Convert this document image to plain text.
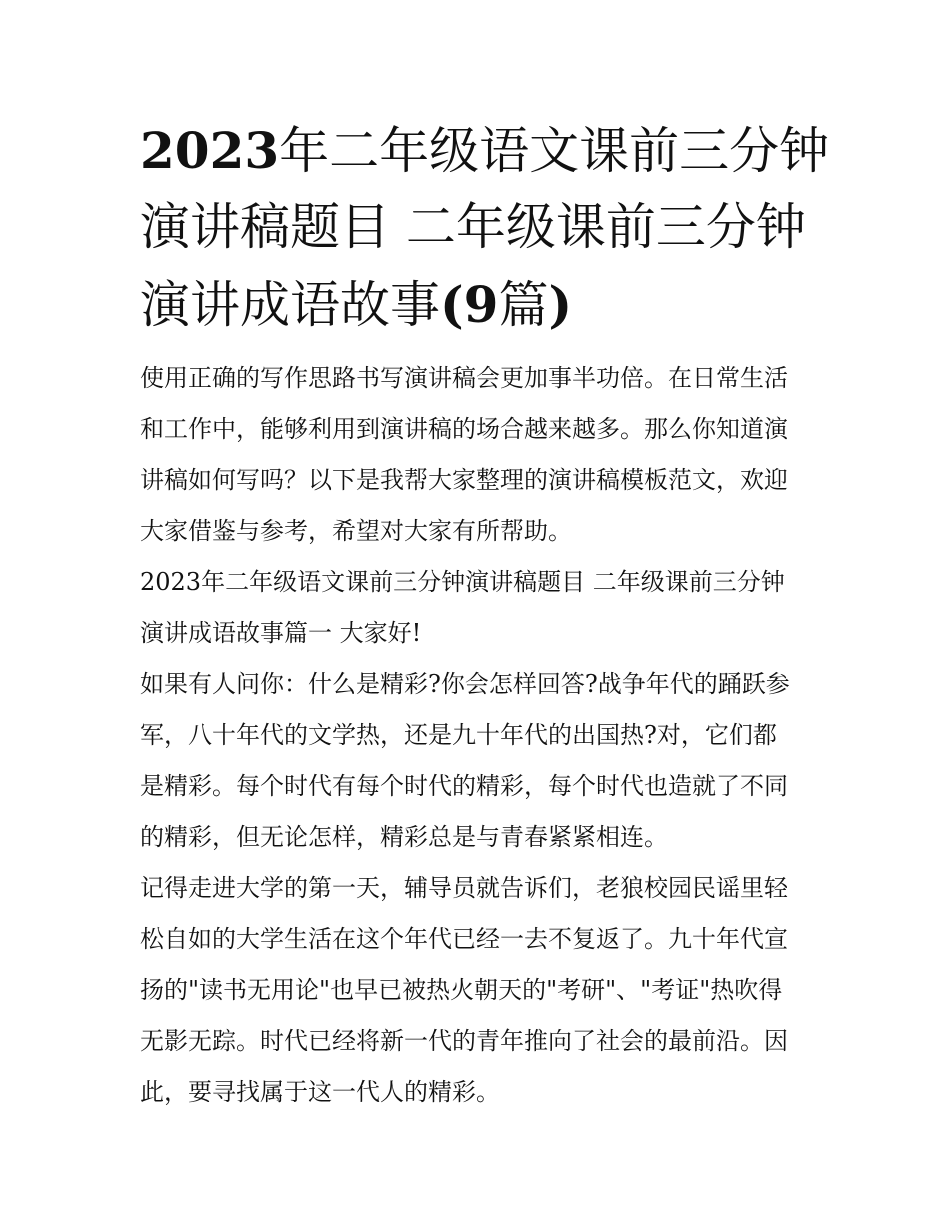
2023年二年级语文课前三分钟
演讲稿题目 二年级课前三分钟
演讲成语故事(9篇)

使用正确的写作思路书写演讲稿会更加事半功倍。在日常生活
和工作中，能够利用到演讲稿的场合越来越多。那么你知道演
讲稿如何写吗？以下是我帮大家整理的演讲稿模板范文，欢迎
大家借鉴与参考，希望对大家有所帮助。

2023年二年级语文课前三分钟演讲稿题目 二年级课前三分钟
演讲成语故事篇一 大家好!

如果有人问你：什么是精彩?你会怎样回答?战争年代的踊跃参
军，八十年代的文学热，还是九十年代的出国热?对，它们都
是精彩。每个时代有每个时代的精彩，每个时代也造就了不同
的精彩，但无论怎样，精彩总是与青春紧紧相连。

记得走进大学的第一天，辅导员就告诉们，老狼校园民谣里轻
松自如的大学生活在这个年代已经一去不复返了。九十年代宣
扬的"读书无用论"也早已被热火朝天的"考研"、"考证"热吹得
无影无踪。时代已经将新一代的青年推向了社会的最前沿。因
此，要寻找属于这一代人的精彩。
